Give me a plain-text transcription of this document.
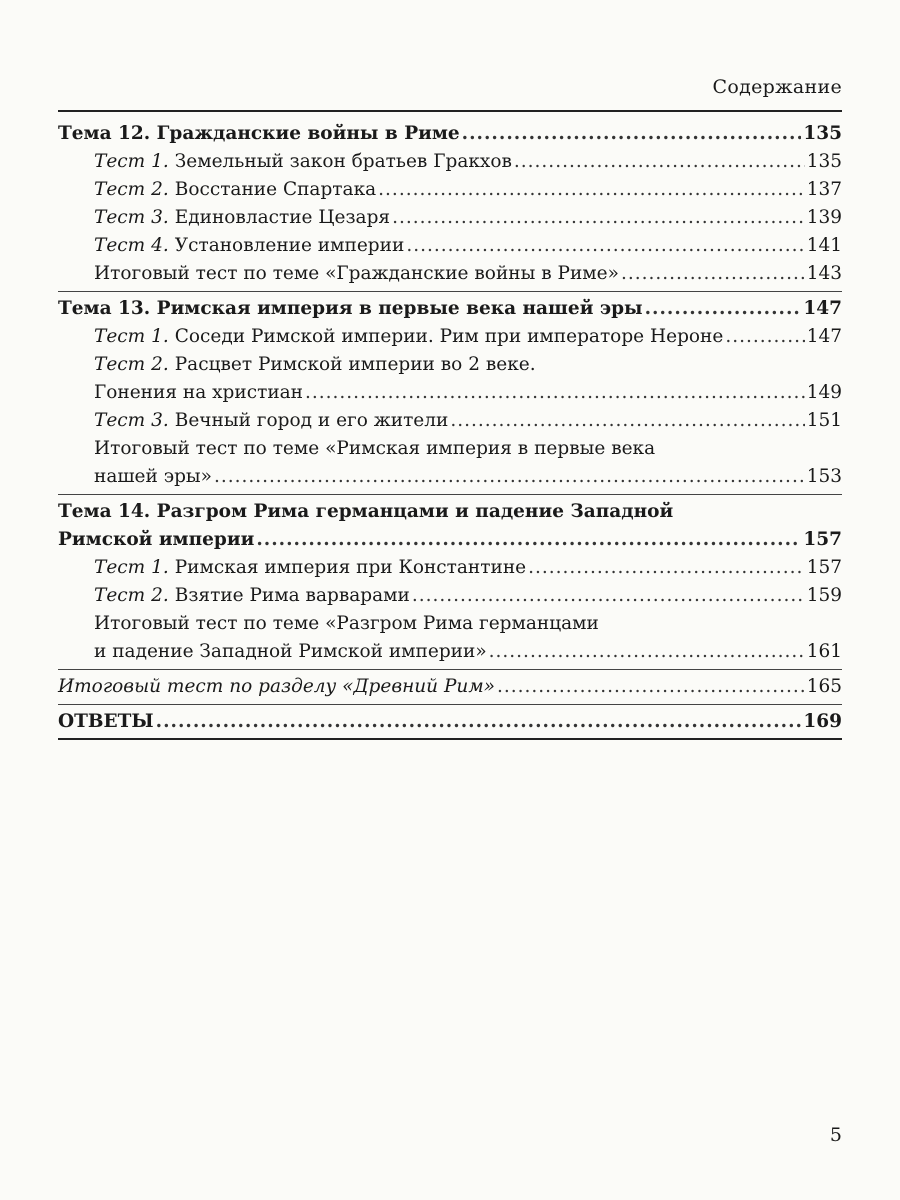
Содержание
Тема 12. Гражданские войны в Риме .....	135
Тест 1. Земельный закон братьев Гракхов .....	135
Тест 2. Восстание Спартака .....	137
Тест 3. Единовластие Цезаря .....	139
Тест 4. Установление империи .....	141
Итоговый тест по теме «Гражданские войны в Риме» .....	143
Тема 13. Римская империя в первые века нашей эры .....	147
Тест 1. Соседи Римской империи. Рим при императоре Нероне .....	147
Тест 2. Расцвет Римской империи во 2 веке.
Гонения на христиан .....	149
Тест 3. Вечный город и его жители .....	151
Итоговый тест по теме «Римская империя в первые века
нашей эры» .....	153
Тема 14. Разгром Рима германцами и падение Западной
Римской империи .....	157
Тест 1. Римская империя при Константине .....	157
Тест 2. Взятие Рима варварами .....	159
Итоговый тест по теме «Разгром Рима германцами
и падение Западной Римской империи» .....	161
Итоговый тест по разделу «Древний Рим» .....	165
ОТВЕТЫ .....	169
5
